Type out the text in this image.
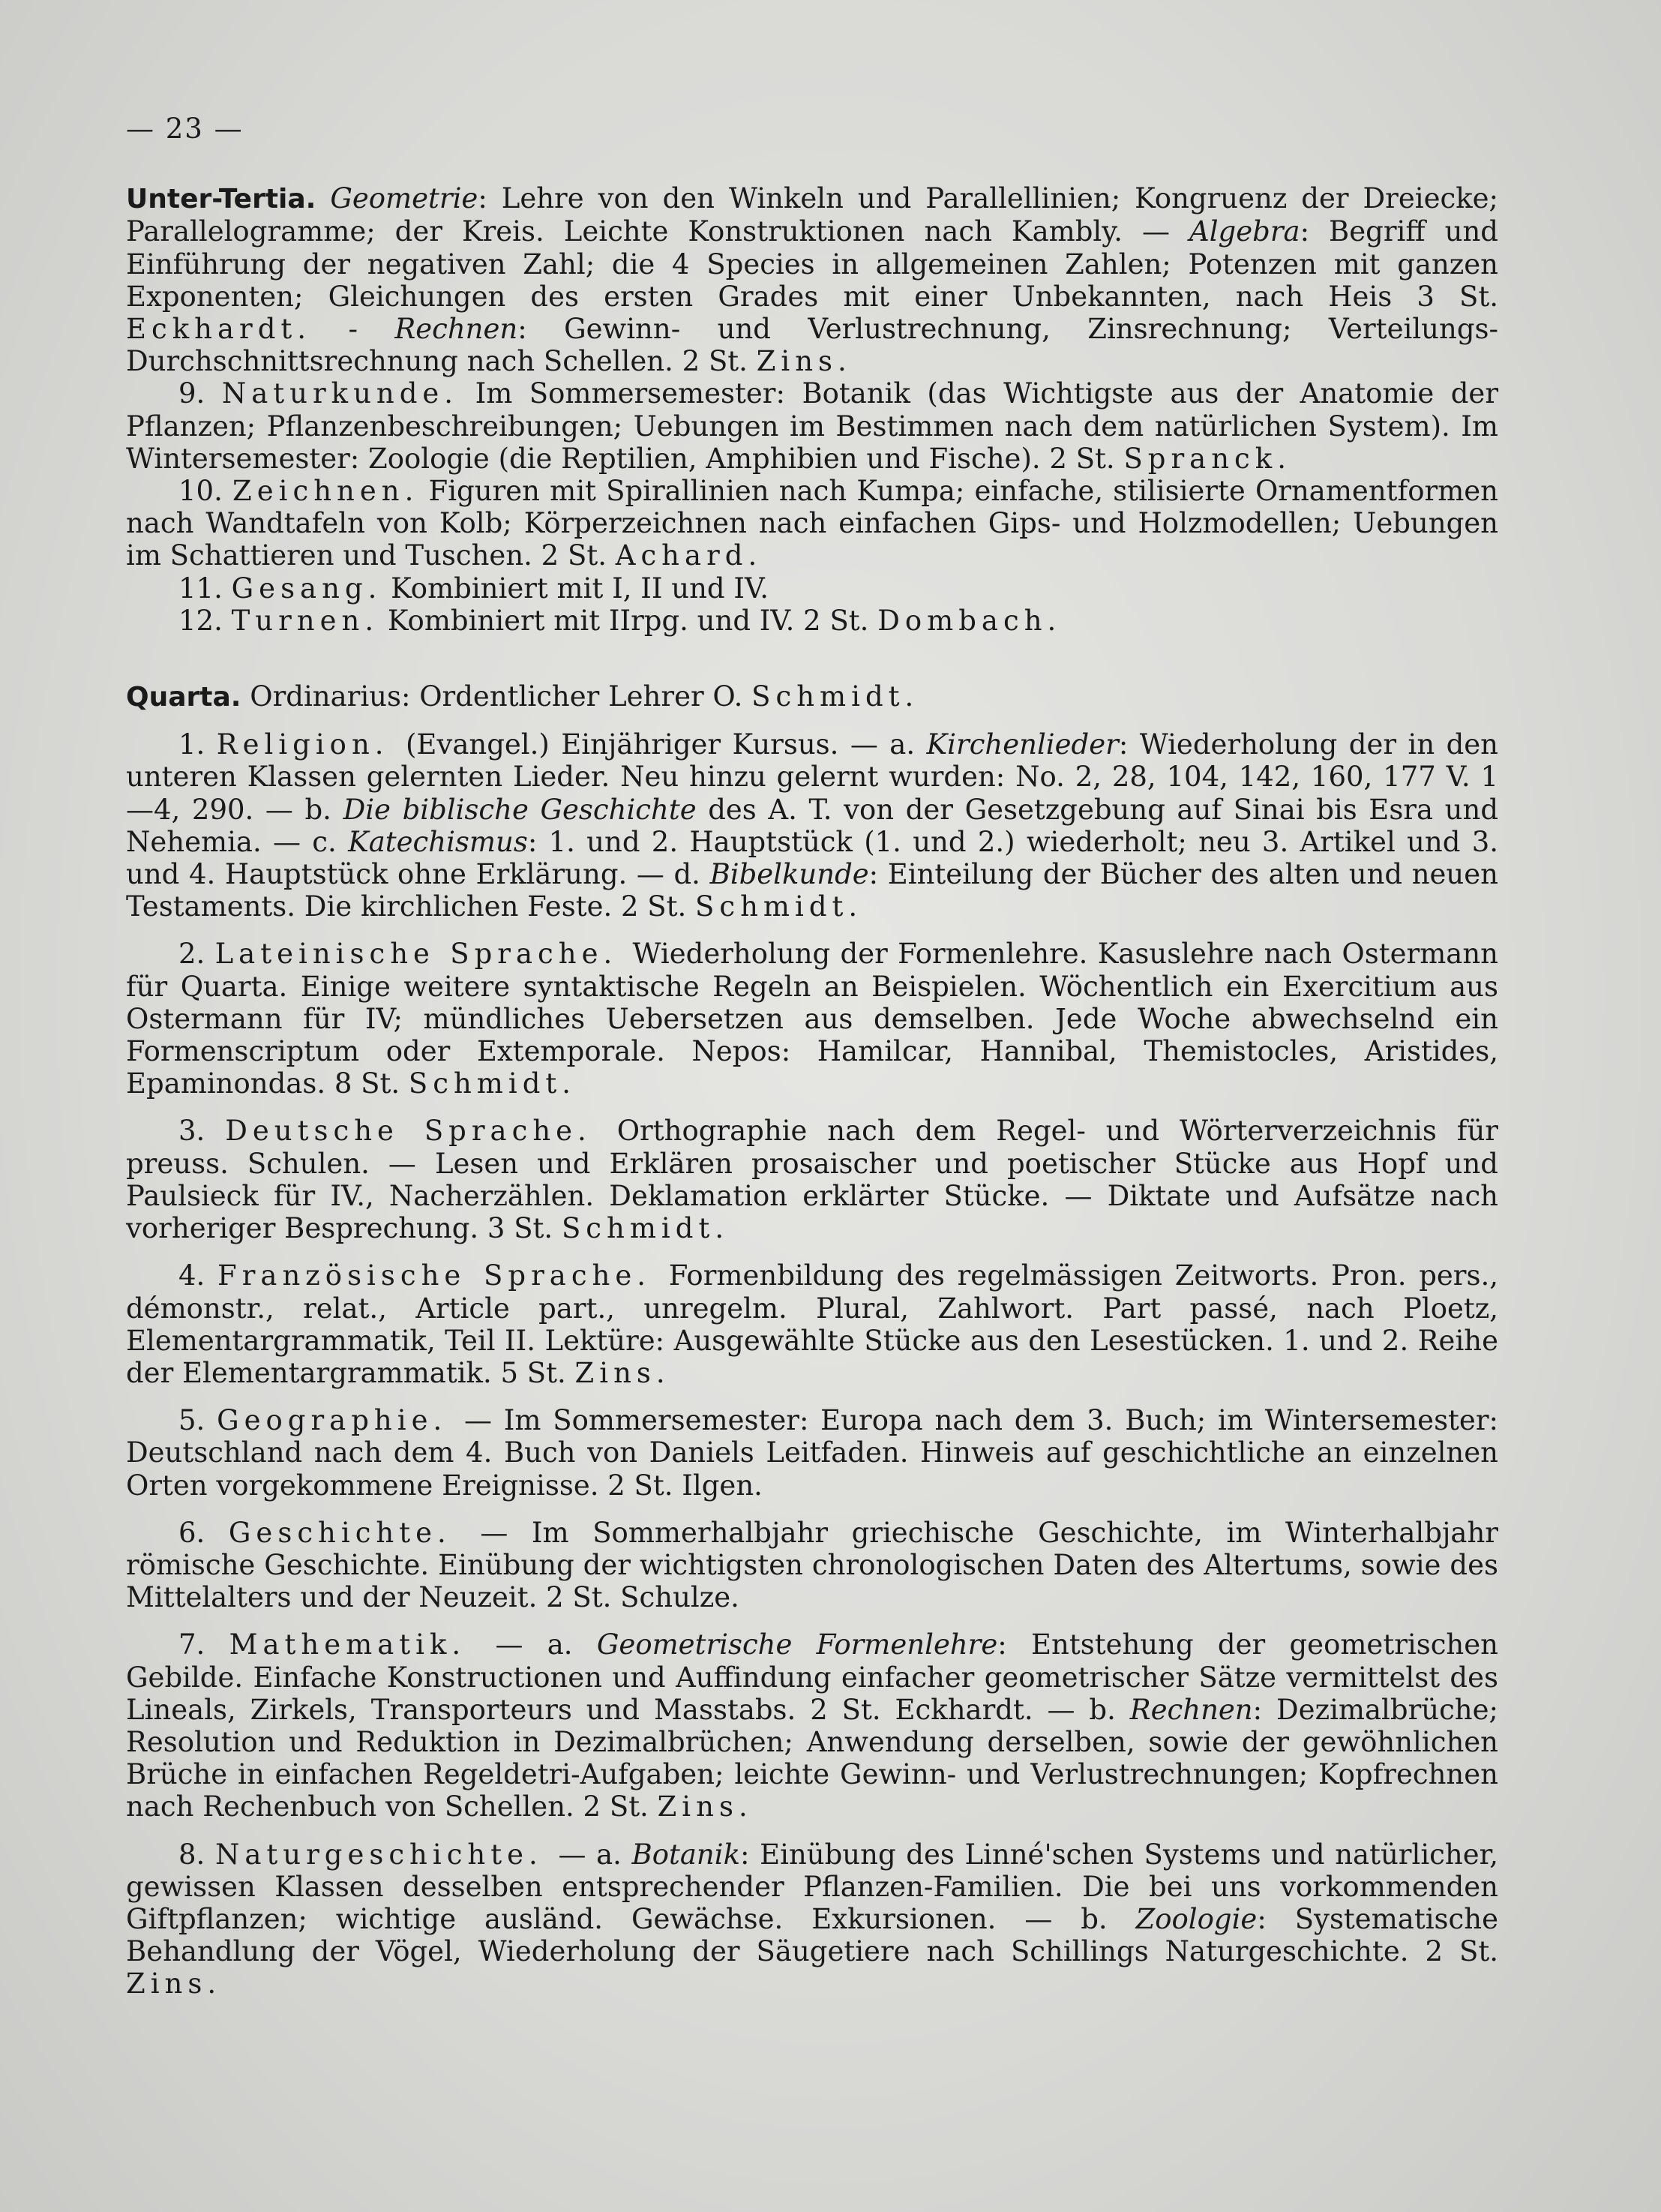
— 23 —

Unter-Tertia. Geometrie: Lehre von den Winkeln und Parallellinien; Kongruenz der Dreiecke; Parallelogramme; der Kreis. Leichte Konstruktionen nach Kambly. — Algebra: Begriff und Einführung der negativen Zahl; die 4 Species in allgemeinen Zahlen; Potenzen mit ganzen Exponenten; Gleichungen des ersten Grades mit einer Unbekannten, nach Heis 3 St. Eckhardt. - Rechnen: Gewinn- und Verlustrechnung, Zinsrechnung; Verteilungs-Durchschnittsrechnung nach Schellen. 2 St. Zins.

9. Naturkunde. Im Sommersemester: Botanik (das Wichtigste aus der Anatomie der Pflanzen; Pflanzenbeschreibungen; Uebungen im Bestimmen nach dem natürlichen System). Im Wintersemester: Zoologie (die Reptilien, Amphibien und Fische). 2 St. Spranck.

10. Zeichnen. Figuren mit Spirallinien nach Kumpa; einfache, stilisierte Ornamentformen nach Wandtafeln von Kolb; Körperzeichnen nach einfachen Gips- und Holzmodellen; Uebungen im Schattieren und Tuschen. 2 St. Achard.

11. Gesang. Kombiniert mit I, II und IV.

12. Turnen. Kombiniert mit IIrpg. und IV. 2 St. Dombach.

Quarta. Ordinarius: Ordentlicher Lehrer O. Schmidt.

1. Religion. (Evangel.) Einjähriger Kursus. — a. Kirchenlieder: Wiederholung der in den unteren Klassen gelernten Lieder. Neu hinzu gelernt wurden: No. 2, 28, 104, 142, 160, 177 V. 1—4, 290. — b. Die biblische Geschichte des A. T. von der Gesetzgebung auf Sinai bis Esra und Nehemia. — c. Katechismus: 1. und 2. Hauptstück (1. und 2.) wiederholt; neu 3. Artikel und 3. und 4. Hauptstück ohne Erklärung. — d. Bibelkunde: Einteilung der Bücher des alten und neuen Testaments. Die kirchlichen Feste. 2 St. Schmidt.

2. Lateinische Sprache. Wiederholung der Formenlehre. Kasuslehre nach Ostermann für Quarta. Einige weitere syntaktische Regeln an Beispielen. Wöchentlich ein Exercitium aus Ostermann für IV; mündliches Uebersetzen aus demselben. Jede Woche abwechselnd ein Formenscriptum oder Extemporale. Nepos: Hamilcar, Hannibal, Themistocles, Aristides, Epaminondas. 8 St. Schmidt.

3. Deutsche Sprache. Orthographie nach dem Regel- und Wörterverzeichnis für preuss. Schulen. — Lesen und Erklären prosaischer und poetischer Stücke aus Hopf und Paulsieck für IV., Nacherzählen. Deklamation erklärter Stücke. — Diktate und Aufsätze nach vorheriger Besprechung. 3 St. Schmidt.

4. Französische Sprache. Formenbildung des regelmässigen Zeitworts. Pron. pers., démonstr., relat., Article part., unregelm. Plural, Zahlwort. Part passé, nach Ploetz, Elementargrammatik, Teil II. Lektüre: Ausgewählte Stücke aus den Lesestücken. 1. und 2. Reihe der Elementargrammatik. 5 St. Zins.

5. Geographie. — Im Sommersemester: Europa nach dem 3. Buch; im Wintersemester: Deutschland nach dem 4. Buch von Daniels Leitfaden. Hinweis auf geschichtliche an einzelnen Orten vorgekommene Ereignisse. 2 St. Ilgen.

6. Geschichte. — Im Sommerhalbjahr griechische Geschichte, im Winterhalbjahr römische Geschichte. Einübung der wichtigsten chronologischen Daten des Altertums, sowie des Mittelalters und der Neuzeit. 2 St. Schulze.

7. Mathematik. — a. Geometrische Formenlehre: Entstehung der geometrischen Gebilde. Einfache Konstructionen und Auffindung einfacher geometrischer Sätze vermittelst des Lineals, Zirkels, Transporteurs und Masstabs. 2 St. Eckhardt. — b. Rechnen: Dezimalbrüche; Resolution und Reduktion in Dezimalbrüchen; Anwendung derselben, sowie der gewöhnlichen Brüche in einfachen Regeldetri-Aufgaben; leichte Gewinn- und Verlustrechnungen; Kopfrechnen nach Rechenbuch von Schellen. 2 St. Zins.

8. Naturgeschichte. — a. Botanik: Einübung des Linné'schen Systems und natürlicher, gewissen Klassen desselben entsprechender Pflanzen-Familien. Die bei uns vorkommenden Giftpflanzen; wichtige ausländ. Gewächse. Exkursionen. — b. Zoologie: Systematische Behandlung der Vögel, Wiederholung der Säugetiere nach Schillings Naturgeschichte. 2 St. Zins.
